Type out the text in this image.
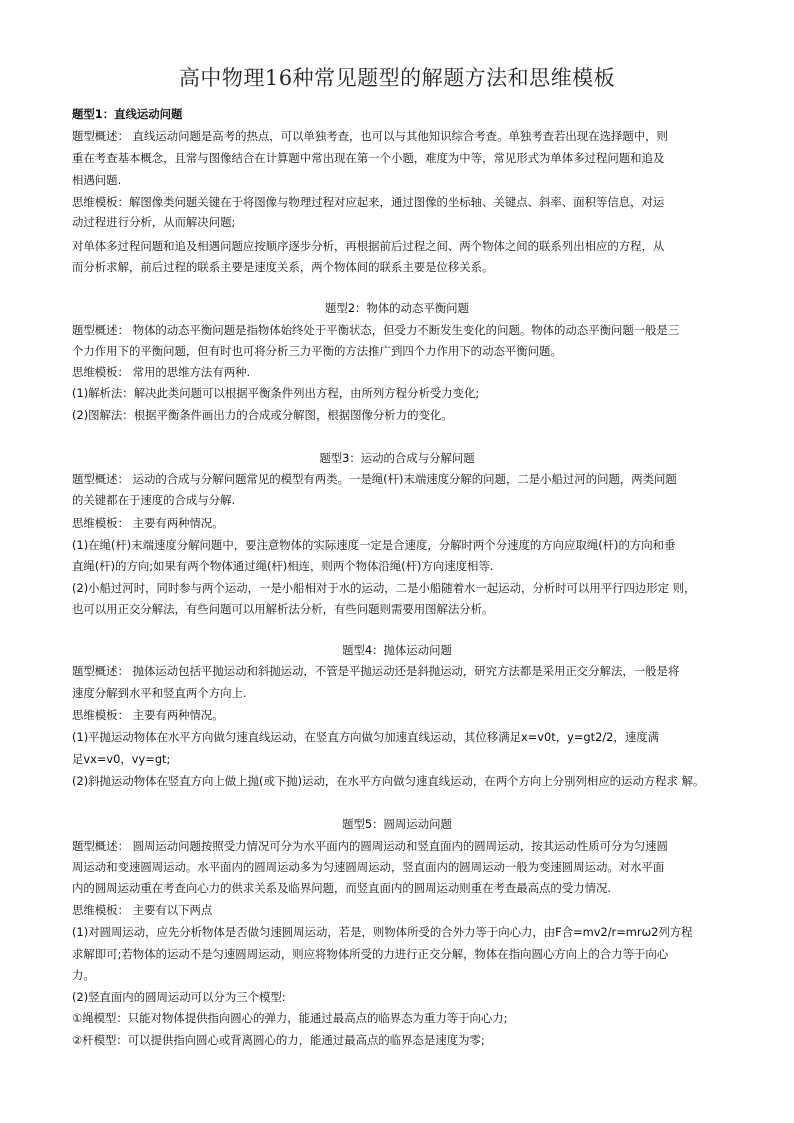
高中物理16种常见题型的解题方法和思维模板
题型1：直线运动问题
题型概述： 直线运动问题是高考的热点，可以单独考查，也可以与其他知识综合考查。单独考查若出现在选择题中，则
重在考查基本概念，且常与图像结合在计算题中常出现在第一个小题，难度为中等，常见形式为单体多过程问题和追及
相遇问题.
思维模板：解图像类问题关键在于将图像与物理过程对应起来，通过图像的坐标轴、关键点、斜率、面积等信息，对运
动过程进行分析，从而解决问题;
对单体多过程问题和追及相遇问题应按顺序逐步分析，再根据前后过程之间、两个物体之间的联系列出相应的方程，从
而分析求解，前后过程的联系主要是速度关系，两个物体间的联系主要是位移关系。
题型2：物体的动态平衡问题
题型概述： 物体的动态平衡问题是指物体始终处于平衡状态，但受力不断发生变化的问题。物体的动态平衡问题一般是三
个力作用下的平衡问题，但有时也可将分析三力平衡的方法推广到四个力作用下的动态平衡问题。
思维模板： 常用的思维方法有两种.
(1)解析法：解决此类问题可以根据平衡条件列出方程，由所列方程分析受力变化;
(2)图解法：根据平衡条件画出力的合成或分解图，根据图像分析力的变化。
题型3：运动的合成与分解问题
题型概述： 运动的合成与分解问题常见的模型有两类。一是绳(杆)末端速度分解的问题，二是小船过河的问题，两类问题
的关键都在于速度的合成与分解.
思维模板： 主要有两种情况。
(1)在绳(杆)末端速度分解问题中，要注意物体的实际速度一定是合速度，分解时两个分速度的方向应取绳(杆)的方向和垂
直绳(杆)的方向;如果有两个物体通过绳(杆)相连，则两个物体沿绳(杆)方向速度相等.
(2)小船过河时，同时参与两个运动，一是小船相对于水的运动，二是小船随着水一起运动，分析时可以用平行四边形定 则，
也可以用正交分解法，有些问题可以用解析法分析，有些问题则需要用图解法分析。
题型4：抛体运动问题
题型概述： 抛体运动包括平抛运动和斜抛运动，不管是平抛运动还是斜抛运动，研究方法都是采用正交分解法，一般是将
速度分解到水平和竖直两个方向上.
思维模板： 主要有两种情况。
(1)平抛运动物体在水平方向做匀速直线运动，在竖直方向做匀加速直线运动，其位移满足x=v0t，y=gt2/2，速度满
足vx=v0，vy=gt;
(2)斜抛运动物体在竖直方向上做上抛(或下抛)运动，在水平方向做匀速直线运动，在两个方向上分别列相应的运动方程求 解。
题型5：圆周运动问题
题型概述： 圆周运动问题按照受力情况可分为水平面内的圆周运动和竖直面内的圆周运动，按其运动性质可分为匀速圆
周运动和变速圆周运动。水平面内的圆周运动多为匀速圆周运动，竖直面内的圆周运动一般为变速圆周运动。对水平面
内的圆周运动重在考查向心力的供求关系及临界问题，而竖直面内的圆周运动则重在考查最高点的受力情况.
思维模板： 主要有以下两点
(1)对圆周运动，应先分析物体是否做匀速圆周运动，若是，则物体所受的合外力等于向心力，由F合=mv2/r=mrω2列方程
求解即可;若物体的运动不是匀速圆周运动，则应将物体所受的力进行正交分解，物体在指向圆心方向上的合力等于向心
力。
(2)竖直面内的圆周运动可以分为三个模型:
①绳模型：只能对物体提供指向圆心的弹力，能通过最高点的临界态为重力等于向心力;
②杆模型：可以提供指向圆心或背离圆心的力，能通过最高点的临界态是速度为零;
